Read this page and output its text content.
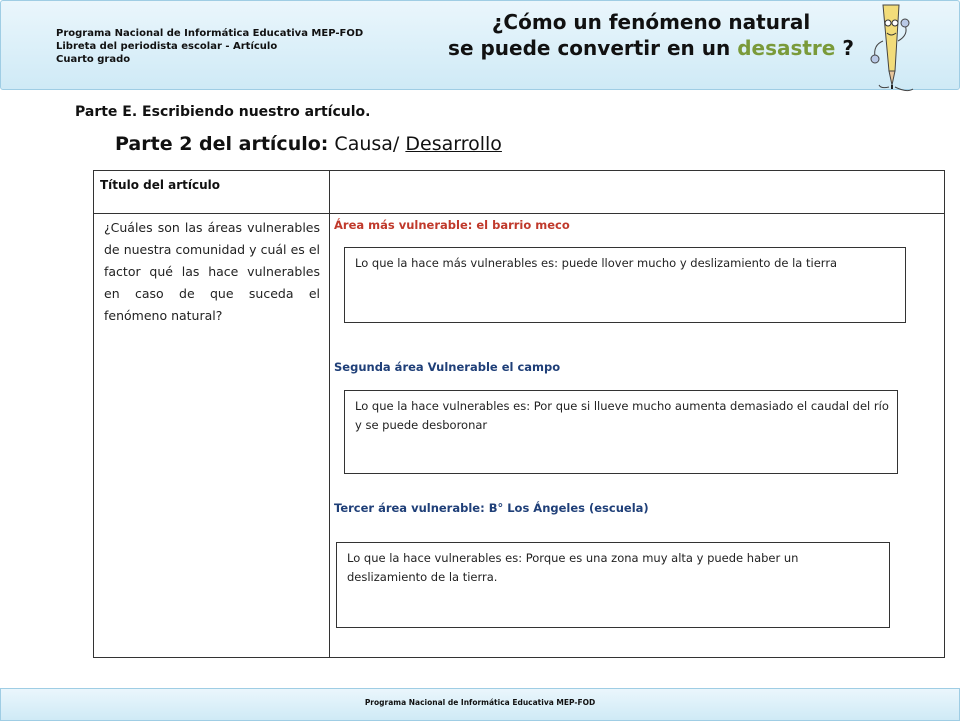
Programa Nacional de Informática Educativa MEP-FOD
Libreta del periodista escolar - Artículo
Cuarto grado
¿Cómo un fenómeno natural
se puede convertir en un desastre ?
Parte E. Escribiendo nuestro artículo.
Parte 2 del artículo: Causa/ Desarrollo
Título del artículo
¿Cuáles son las áreas vulnerables de nuestra comunidad y cuál es el factor qué las hace vulnerables en caso de que suceda el fenómeno natural?
Área más vulnerable: el barrio meco
Lo que la hace más vulnerables es: puede llover mucho y deslizamiento de la tierra
Segunda área Vulnerable el campo
Lo que la hace vulnerables es: Por que si llueve mucho aumenta demasiado el caudal del río y se puede desboronar
Tercer área vulnerable: B° Los Ángeles (escuela)
Lo que la hace vulnerables es: Porque es una zona muy alta y puede haber un deslizamiento de la tierra.
Programa Nacional de Informática Educativa MEP-FOD
